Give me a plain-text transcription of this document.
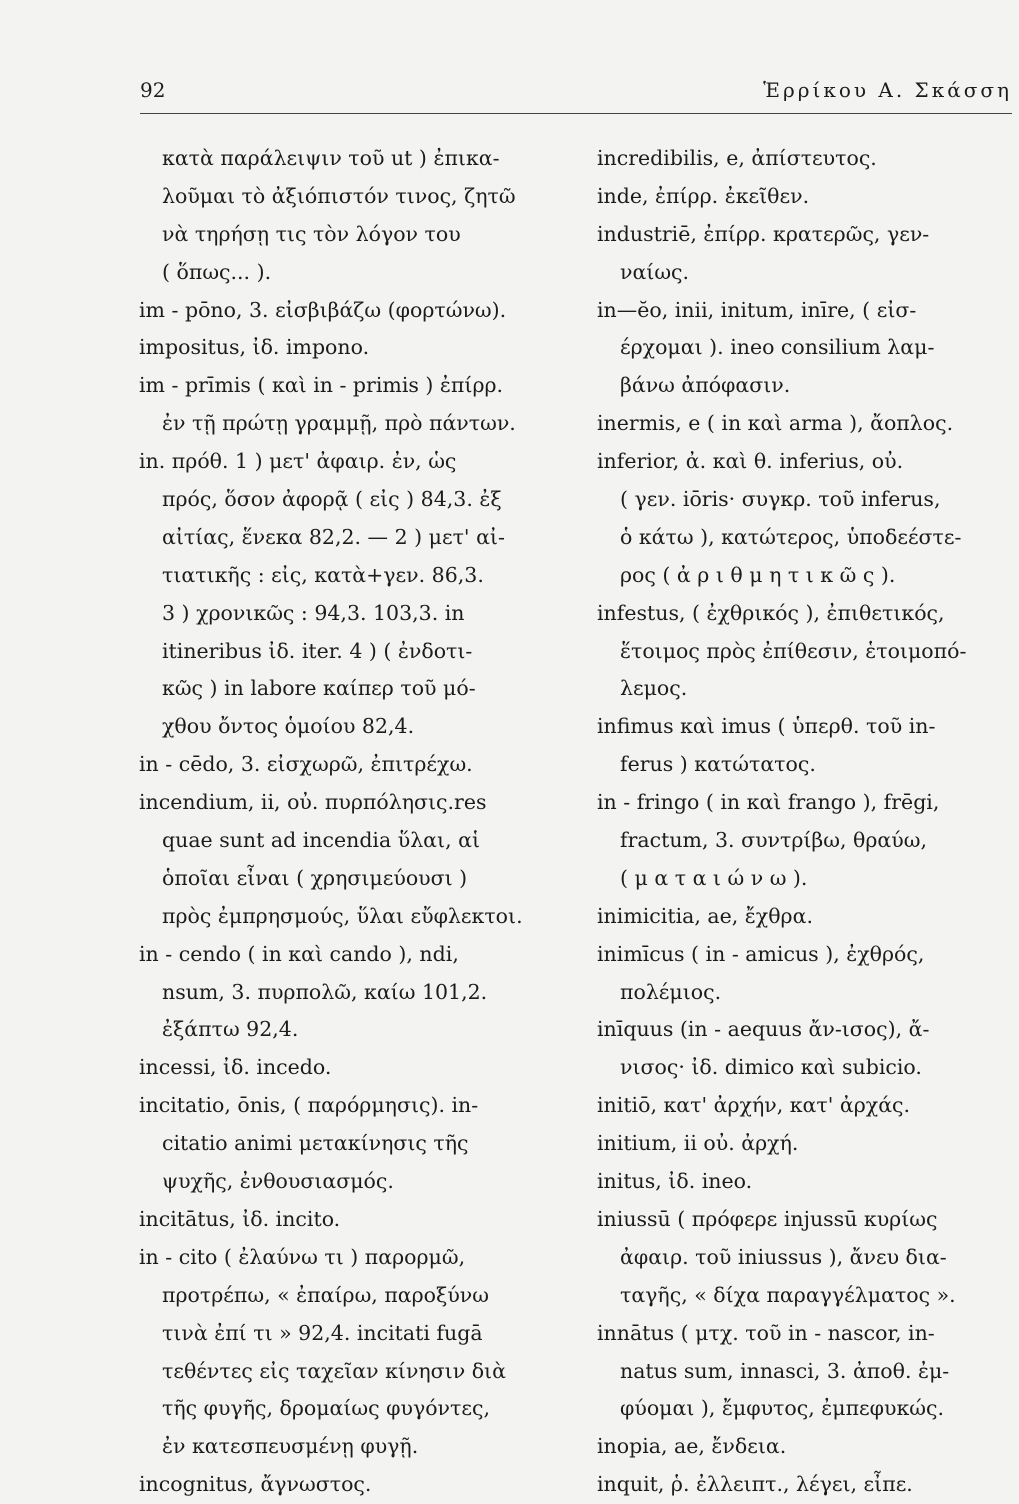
92	Ἑρρίκου Α. Σκάσση
κατὰ παράλειψιν τοῦ ut ) ἐπικα-
λοῦμαι τὸ ἀξιόπιστόν τινος, ζητῶ
νὰ τηρήσῃ τις τὸν λόγον του
( ὅπως... ).
im - pōno, 3. εἰσβιβάζω (φορτώνω).
impositus, ἰδ. impono.
im - prīmis ( καὶ in - primis ) ἐπίρρ.
ἐν τῇ πρώτῃ γραμμῇ, πρὸ πάντων.
in. πρόθ. 1 ) μετ' ἀφαιρ. ἐν, ὡς
πρός, ὅσον ἀφορᾷ ( εἰς ) 84,3. ἐξ
αἰτίας, ἕνεκα 82,2. — 2 ) μετ' αἰ-
τιατικῆς : εἰς, κατὰ+γεν. 86,3.
3 ) χρονικῶς : 94,3. 103,3. in
itineribus ἰδ. iter. 4 ) ( ἐνδοτι-
κῶς ) in labore καίπερ τοῦ μό-
χθου ὄντος ὁμοίου 82,4.
in - cēdo, 3. εἰσχωρῶ, ἐπιτρέχω.
incendium, ii, οὐ. πυρπόλησις.res
quae sunt ad incendia ὕλαι, αἱ
ὁποῖαι εἶναι ( χρησιμεύουσι )
πρὸς ἐμπρησμούς, ὕλαι εὔφλεκτοι.
in - cendo ( in καὶ cando ), ndi,
nsum, 3. πυρπολῶ, καίω 101,2.
ἐξάπτω 92,4.
incessi, ἰδ. incedo.
incitatio, ōnis, ( παρόρμησις). in-
citatio animi μετακίνησις τῆς
ψυχῆς, ἐνθουσιασμός.
incitātus, ἰδ. incito.
in - cito ( ἐλαύνω τι ) παρορμῶ,
προτρέπω, « ἐπαίρω, παροξύνω
τινὰ ἐπί τι » 92,4. incitati fugā
τεθέντες εἰς ταχεῖαν κίνησιν διὰ
τῆς φυγῆς, δρομαίως φυγόντες,
ἐν κατεσπευσμένῃ φυγῇ.
incognitus, ἄγνωστος.
incredibilis, e, ἀπίστευτος.
inde, ἐπίρρ. ἐκεῖθεν.
industriē, ἐπίρρ. κρατερῶς, γεν-
ναίως.
in—ĕo, inii, initum, inīre, ( εἰσ-
έρχομαι ). ineo consilium λαμ-
βάνω ἀπόφασιν.
inermis, e ( in καὶ arma ), ἄοπλος.
inferior, ἀ. καὶ θ. inferius, οὐ.
( γεν. iōris· συγκρ. τοῦ inferus,
ὁ κάτω ), κατώτερος, ὑποδεέστε-
ρος ( ἀ ρ ι θ μ η τ ι κ ῶ ς ).
infestus, ( ἐχθρικός ), ἐπιθετικός,
ἕτοιμος πρὸς ἐπίθεσιν, ἑτοιμοπό-
λεμος.
infimus καὶ imus ( ὑπερθ. τοῦ in-
ferus ) κατώτατος.
in - fringo ( in καὶ frango ), frēgi,
fractum, 3. συντρίβω, θραύω,
( μ α τ α ι ώ ν ω ).
inimicitia, ae, ἔχθρα.
inimīcus ( in - amicus ), ἐχθρός,
πολέμιος.
inīquus (in - aequus ἄν-ισος), ἄ-
νισος· ἰδ. dimico καὶ subicio.
initiō, κατ' ἀρχήν, κατ' ἀρχάς.
initium, ii οὐ. ἀρχή.
initus, ἰδ. ineo.
iniussū ( πρόφερε injussū κυρίως
ἀφαιρ. τοῦ iniussus ), ἄνευ δια-
ταγῆς, « δίχα παραγγέλματος ».
innātus ( μτχ. τοῦ in - nascor, in-
natus sum, innasci, 3. ἀποθ. ἐμ-
φύομαι ), ἔμφυτος, ἐμπεφυκώς.
inopia, ae, ἔνδεια.
inquit, ῥ. ἐλλειπτ., λέγει, εἶπε.
